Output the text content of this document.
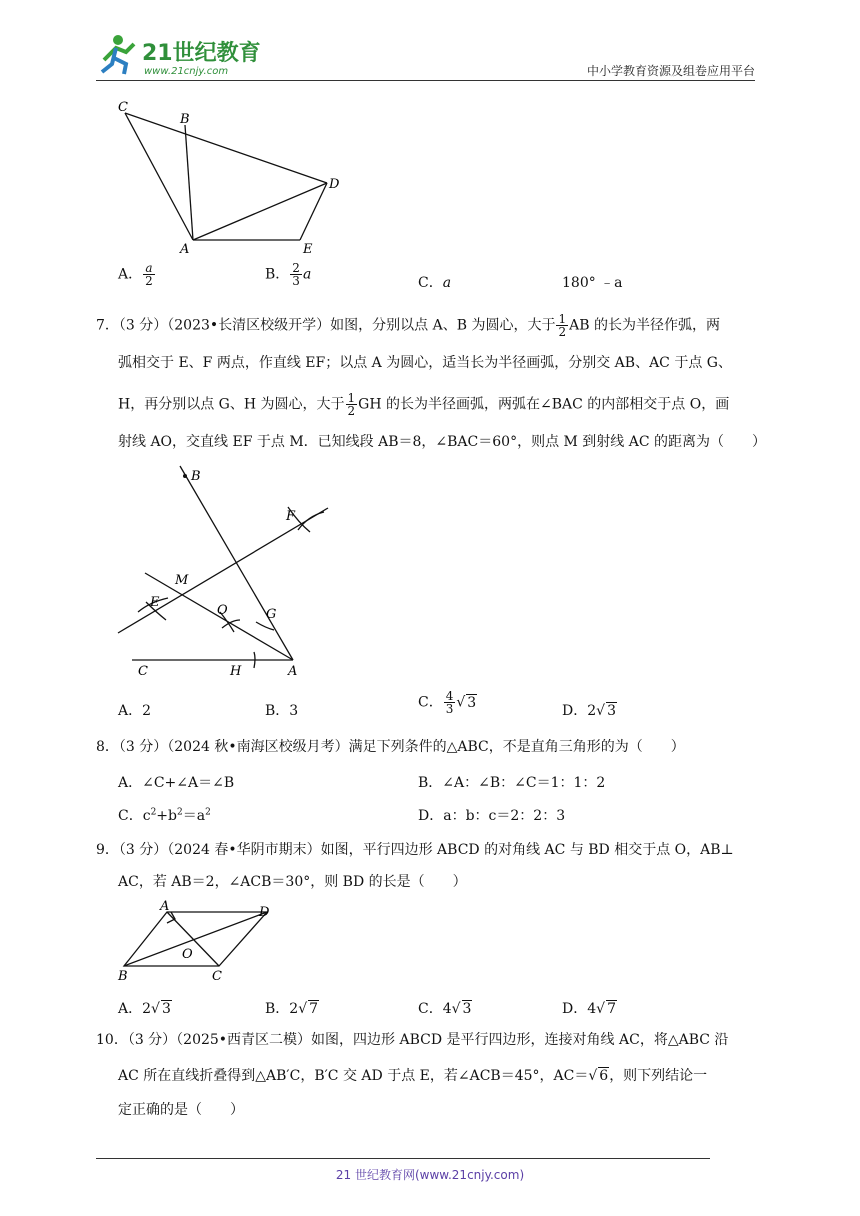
21世纪教育
www.21cnjy.com	中小学教育资源及组卷应用平台
C
B
D
A	E
A． $\frac{a}{2}$	B． $\frac{2}{3}$ a
C．a	180° ﹣a
7．（3 分）（2023•长清区校级开学）如图，分别以点 A、B 为圆心，大于 $\frac{1}{2}$ AB 的长为半径作弧，两
弧相交于 E、F 两点，作直线 EF；以点 A 为圆心，适当长为半径画弧，分别交 AB、AC 于点 G、
H，再分别以点 G、H 为圆心，大于 $\frac{1}{2}$ GH 的长为半径画弧，两弧在∠BAC 的内部相交于点 O，画
射线 AO，交直线 EF 于点 M．已知线段 AB＝8，∠BAC＝60°，则点 M 到射线 AC 的距离为（　　）
B
F
M
E
O	G
C	H	A
A．2	B．3
C． $\frac{4}{3}$ √ 3
D．2√ 3
8．（3 分）（2024 秋•南海区校级月考）满足下列条件的△ABC，不是直角三角形的为（　　）
A．∠C+∠A＝∠B	B．∠A：∠B：∠C＝1：1：2
C．$c^2+b^2=a^2$	D．a：b：c＝2：2：3
9．（3 分）（2024 春•华阴市期末）如图，平行四边形 ABCD 的对角线 AC 与 BD 相交于点 O，AB⊥
AC，若 AB＝2，∠ACB＝30°，则 BD 的长是（　　）
A	D
O
B	C
A．2√ 3	B．2√ 7	C．4√ 3	D．4√ 7
10．（3 分）（2025•西青区二模）如图，四边形 ABCD 是平行四边形，连接对角线 AC，将△ABC 沿
AC 所在直线折叠得到△AB′C，B′C 交 AD 于点 E，若∠ACB＝45°，AC＝√ 6，则下列结论一
定正确的是（　　）
21 世纪教育网(www.21cnjy.com)
